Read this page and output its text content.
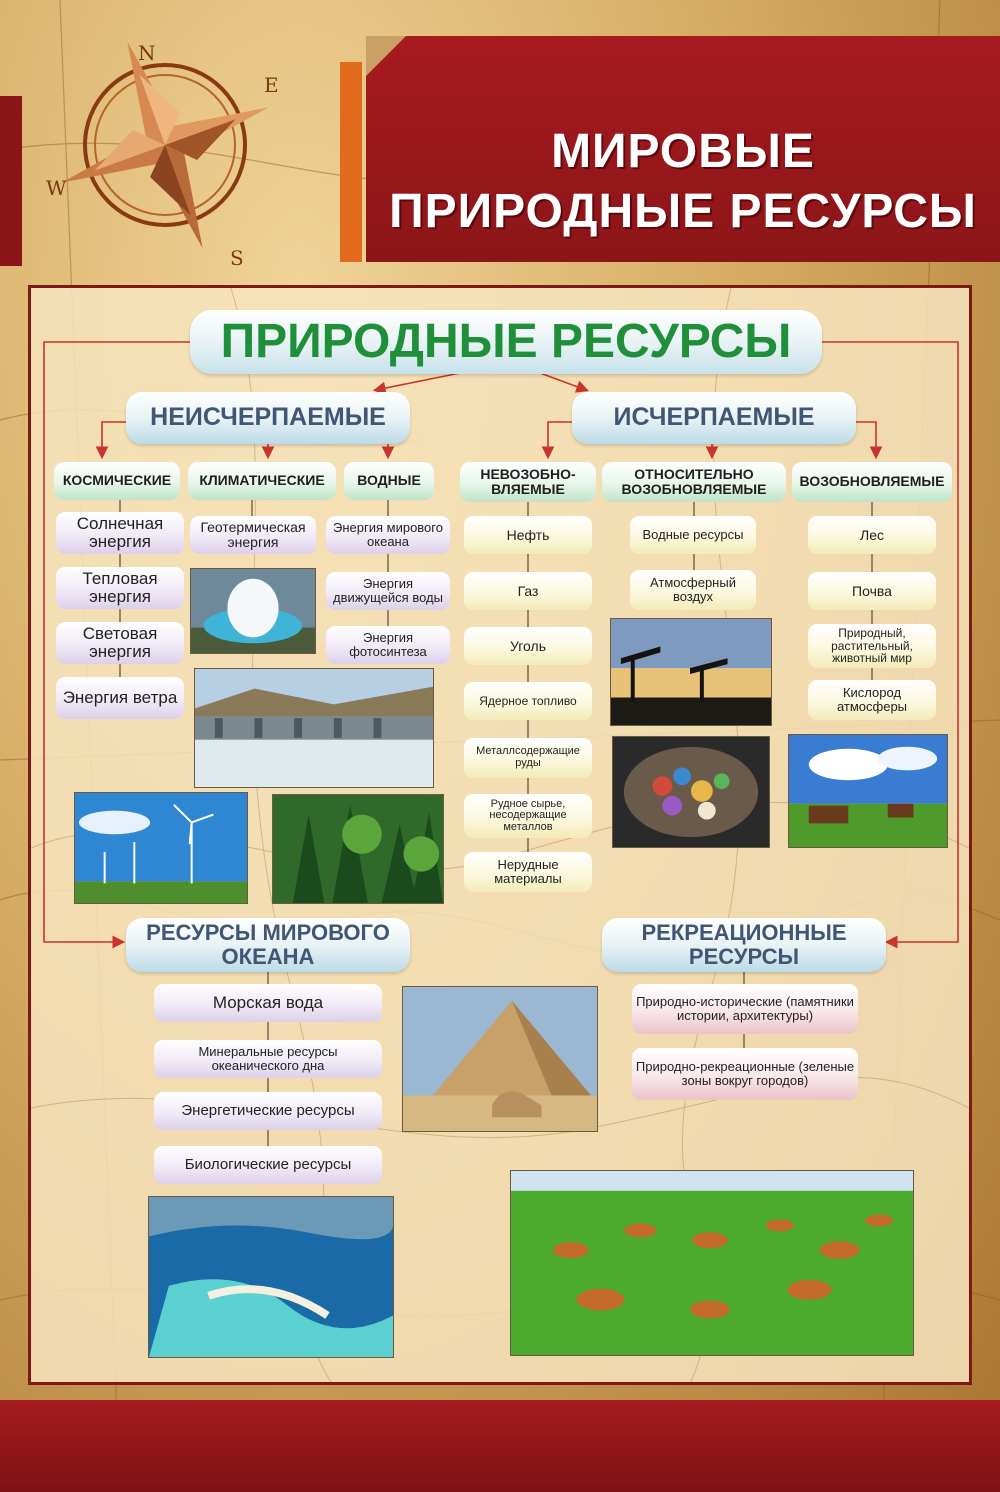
МИРОВЫЕ
ПРИРОДНЫЕ РЕСУРСЫ
N
E
S
W
ПРИРОДНЫЕ РЕСУРСЫ
НЕИСЧЕРПАЕМЫЕ	ИСЧЕРПАЕМЫЕ
КОСМИЧЕСКИЕ	КЛИМАТИЧЕСКИЕ	ВОДНЫЕ	НЕВОЗОБНО-ВЛЯЕМЫЕ
ОТНОСИТЕЛЬНО ВОЗОБНОВЛЯЕМЫЕ	ВОЗОБНОВЛЯЕМЫЕ
Солнечная энергия
Тепловая энергия
Световая энергия
Энергия ветра
Геотермическая энергия
Энергия мирового океана
Энергия движущейся воды
Энергия фотосинтеза
Нефть
Газ
Уголь
Ядерное топливо
Металлсодержащие руды
Рудное сырье, несодержащие металлов
Нерудные материалы
Водные ресурсы
Атмосферный воздух
Лес
Почва
Природный, растительный, животный мир
Кислород атмосферы
РЕСУРСЫ МИРОВОГО ОКЕАНА
Морская вода
Минеральные ресурсы океанического дна
Энергетические ресурсы
Биологические ресурсы
РЕКРЕАЦИОННЫЕ РЕСУРСЫ
Природно-исторические (памятники истории, архитектуры)
Природно-рекреационные (зеленые зоны вокруг городов)
